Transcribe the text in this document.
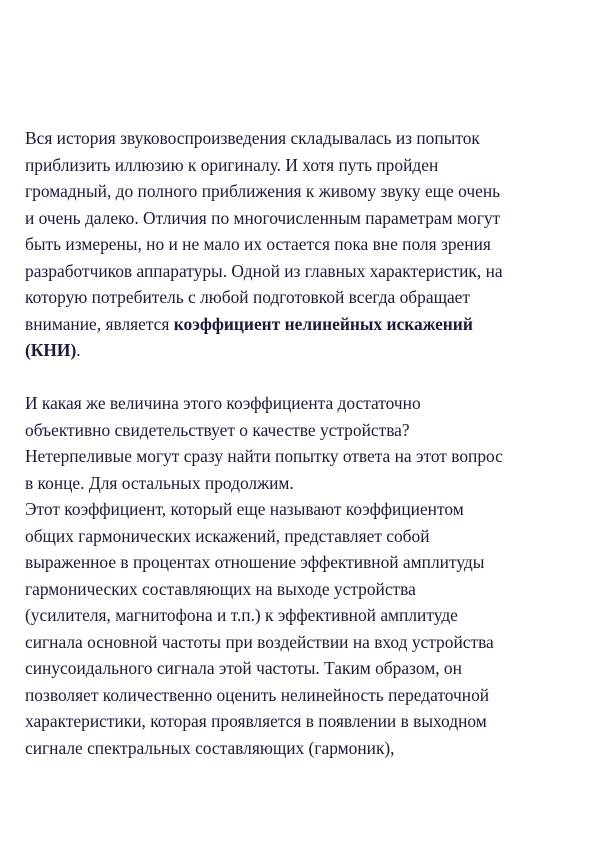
Вся история звуковоспроизведения складывалась из попыток
приблизить иллюзию к оригиналу. И хотя путь пройден
громадный, до полного приближения к живому звуку еще очень
и очень далеко. Отличия по многочисленным параметрам могут
быть измерены, но и не мало их остается пока вне поля зрения
разработчиков аппаратуры. Одной из главных характеристик, на
которую потребитель с любой подготовкой всегда обращает
внимание, является коэффициент нелинейных искажений
(КНИ).

И какая же величина этого коэффициента достаточно
объективно свидетельствует о качестве устройства?
Нетерпеливые могут сразу найти попытку ответа на этот вопрос
в конце. Для остальных продолжим.

Этот коэффициент, который еще называют коэффициентом
общих гармонических искажений, представляет собой
выраженное в процентах отношение эффективной амплитуды
гармонических составляющих на выходе устройства
(усилителя, магнитофона и т.п.) к эффективной амплитуде
сигнала основной частоты при воздействии на вход устройства
синусоидального сигнала этой частоты. Таким образом, он
позволяет количественно оценить нелинейность передаточной
характеристики, которая проявляется в появлении в выходном
сигнале спектральных составляющих (гармоник),
